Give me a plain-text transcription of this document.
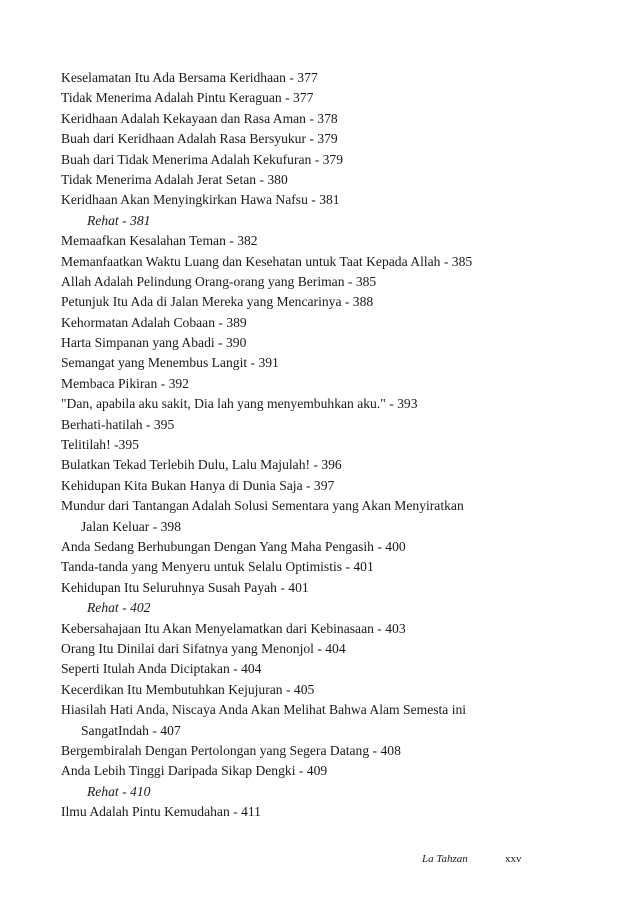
Keselamatan Itu Ada Bersama Keridhaan - 377
Tidak Menerima Adalah Pintu Keraguan - 377
Keridhaan Adalah Kekayaan dan Rasa Aman - 378
Buah dari Keridhaan Adalah Rasa Bersyukur - 379
Buah dari Tidak Menerima Adalah Kekufuran - 379
Tidak Menerima Adalah Jerat Setan - 380
Keridhaan Akan Menyingkirkan Hawa Nafsu - 381
Rehat - 381
Memaafkan Kesalahan Teman - 382
Memanfaatkan Waktu Luang dan Kesehatan untuk Taat Kepada Allah - 385
Allah Adalah Pelindung Orang-orang yang Beriman - 385
Petunjuk Itu Ada di Jalan Mereka yang Mencarinya - 388
Kehormatan Adalah Cobaan - 389
Harta Simpanan yang Abadi - 390
Semangat yang Menembus Langit - 391
Membaca Pikiran - 392
"Dan, apabila aku sakit, Dia lah yang menyembuhkan aku." - 393
Berhati-hatilah - 395
Telitilah! -395
Bulatkan Tekad Terlebih Dulu, Lalu Majulah! - 396
Kehidupan Kita Bukan Hanya di Dunia Saja - 397
Mundur dari Tantangan Adalah Solusi Sementara yang Akan Menyiratkan
Jalan Keluar - 398
Anda Sedang Berhubungan Dengan Yang Maha Pengasih - 400
Tanda-tanda yang Menyeru untuk Selalu Optimistis - 401
Kehidupan Itu Seluruhnya Susah Payah - 401
Rehat - 402
Kebersahajaan Itu Akan Menyelamatkan dari Kebinasaan - 403
Orang Itu Dinilai dari Sifatnya yang Menonjol - 404
Seperti Itulah Anda Diciptakan - 404
Kecerdikan Itu Membutuhkan Kejujuran - 405
Hiasilah Hati Anda, Niscaya Anda Akan Melihat Bahwa Alam Semesta ini
SangatIndah - 407
Bergembiralah Dengan Pertolongan yang Segera Datang - 408
Anda Lebih Tinggi Daripada Sikap Dengki - 409
Rehat - 410
Ilmu Adalah Pintu Kemudahan - 411
La Tahzan	xxv
